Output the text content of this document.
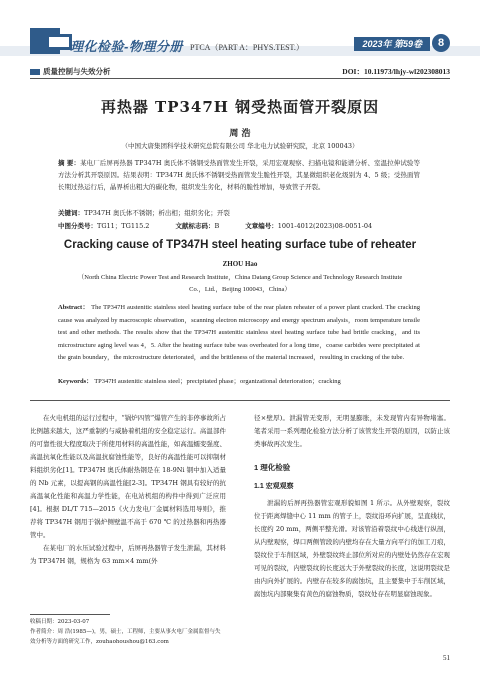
理化检验-物理分册 PTCA（PART A：PHYS.TEST.）	2023年 第59卷	8
质量控制与失效分析	DOI：10.11973/lhjy-wl202308013
再热器 TP347H 钢受热面管开裂原因
周 浩
（中国大唐集团科学技术研究总院有限公司 华北电力试验研究院，北京 100043）
摘 要：某电厂后屏再热器 TP347H 奥氏体不锈钢受热面管发生开裂，采用宏观观察、扫描电镜和能谱分析、室温拉伸试验等方法分析其开裂原因。结果表明：TP347H 奥氏体不锈钢受热面管发生脆性开裂，其显微组织老化级别为 4、5 级；受热面管长期过热运行后，晶界析出粗大的碳化物，组织发生劣化，材料的脆性增加，导致管子开裂。
关键词：TP347H 奥氏体不锈钢；析出相；组织劣化；开裂
中图分类号：TG11；TG115.2	文献标志码：B	文章编号：1001-4012(2023)08-0051-04
Cracking cause of TP347H steel heating surface tube of reheater
ZHOU Hao
（North China Electric Power Test and Research Institute，China Datang Group Science and Technology Research Institute Co.，Ltd.，Beijing 100043，China）
Abstract： The TP347H austenitic stainless steel heating surface tube of the rear platen reheater of a power plant cracked. The cracking cause was analyzed by macroscopic observation，scanning electron microscopy and energy spectrum analysis，room temperature tensile test and other methods. The results show that the TP347H austenitic stainless steel heating surface tube had brittle cracking，and its microstructure aging level was 4，5. After the heating surface tube was overheated for a long time，coarse carbides were precipitated at the grain boundary，the microstructure deteriorated，and the brittleness of the material increased，resulting in cracking of the tube.
Keywords： TP347H austenitic stainless steel；precipitated phase；organizational deterioration；cracking

在火电机组的运行过程中，“锅炉四管”爆管产生的非停事故所占比例越来越大，这严重制约与威胁着机组的安全稳定运行。高温部件的可靠性很大程度取决于所使用材料的高温性能，如高温蠕变强度、高温抗氧化性能以及高温抗腐蚀性能等，良好的高温性能可以抑制材料组织劣化[1]。TP347H 奥氏体耐热钢是在 18-9Ni 钢中加入适量的 Nb 元素，以提高钢的高温性能[2-3]。TP347H 钢具有较好的抗高温氧化性能和高温力学性能，在电站机组的构件中得到广泛应用[4]。根据 DL/T 715—2015《火力发电厂金属材料选用导则》，推荐将 TP347H 钢用于锅炉侧壁温不高于 670 ℃ 的过热器和再热器管中。

在某电厂的水压试验过程中，后屏再热器管子发生泄漏，其材料为 TP347H 钢，规格为 63 mm×4 mm(外

径×壁厚)。泄漏管无变形，无明显膨胀，未发现管内有异物堵塞。笔者采用一系列理化检验方法分析了该管发生开裂的原因，以防止该类事故再次发生。

1 理化检验
1.1 宏观观察

泄漏的后屏再热器管宏观形貌如图 1 所示。从外壁观察，裂纹位于距离焊缝中心 11 mm 的管子上，裂纹沿环向扩展，呈直线状，长度约 20 mm，两侧平整光滑。对该管沿着裂纹中心线进行纵剖，从内壁观察，焊口两侧管段的内壁均存在大量方向平行的加工刀痕，裂纹位于车削区域，外壁裂纹终止部位所对应的内壁处仍然存在宏观可见的裂纹，内壁裂纹的长度远大于外壁裂纹的长度，这说明裂纹是由内向外扩展的。内壁存在较多的腐蚀坑，且主要集中于车削区域，腐蚀坑内部聚集有黄色的腐蚀物质，裂纹处存在明显腐蚀现象。

收稿日期：2023-03-07
作者简介：周 浩(1985—)，男，硕士，工程师，主要从事火电厂金属监督与失效分析等方面的研究工作，zouhaohoushou@163.com
51
